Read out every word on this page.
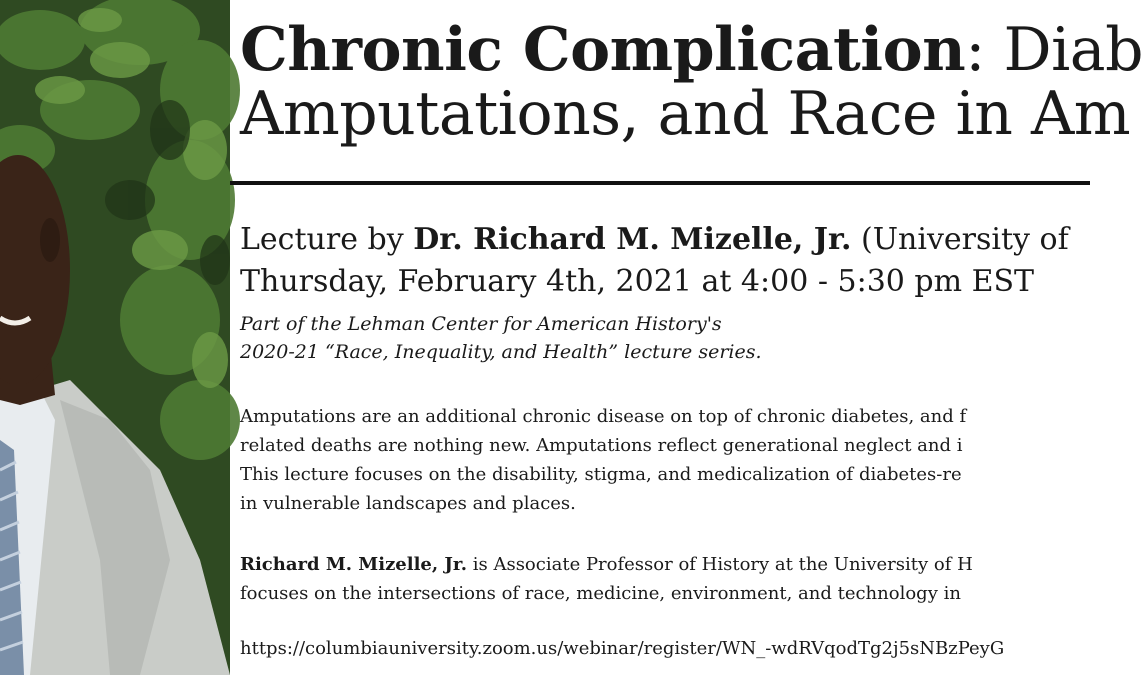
Chronic Complication: Diab
Amputations, and Race in Am
Lecture by Dr. Richard M. Mizelle, Jr. (University of
Thursday, February 4th, 2021 at 4:00 - 5:30 pm EST
Part of the Lehman Center for American History's
2020-21 “Race, Inequality, and Health” lecture series.
Amputations are an additional chronic disease on top of chronic diabetes, and f
related deaths are nothing new. Amputations reflect generational neglect and i
This lecture focuses on the disability, stigma, and medicalization of diabetes-re
in vulnerable landscapes and places.
Richard M. Mizelle, Jr. is Associate Professor of History at the University of H
focuses on the intersections of race, medicine, environment, and technology in
https://columbiauniversity.zoom.us/webinar/register/WN_-wdRVqodTg2j5sNBzPeyG
